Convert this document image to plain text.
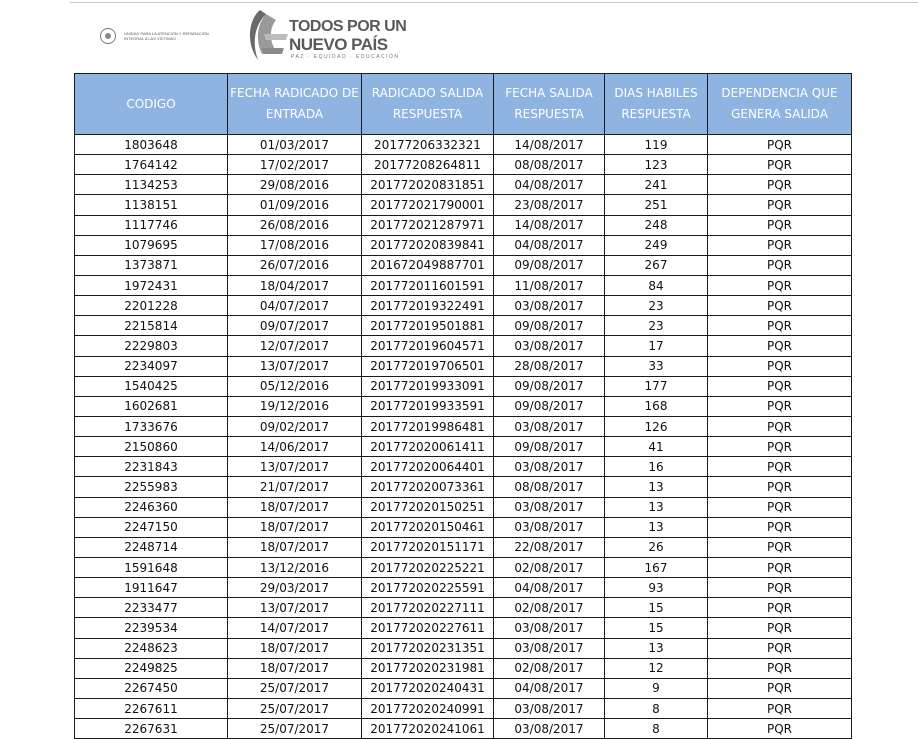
UNIDAD PARA LA ATENCIÓN Y REPARACIÓN INTEGRAL A LAS VÍCTIMAS
TODOS POR UN
NUEVO PAÍS
PAZ · EQUIDAD · EDUCACIÓN
CODIGO	FECHA RADICADO DE ENTRADA	RADICADO SALIDA RESPUESTA	FECHA SALIDA RESPUESTA	DIAS HABILES RESPUESTA	DEPENDENCIA QUE GENERA SALIDA
1803648	01/03/2017	20177206332321	14/08/2017	119	PQR
1764142	17/02/2017	20177208264811	08/08/2017	123	PQR
1134253	29/08/2016	201772020831851	04/08/2017	241	PQR
1138151	01/09/2016	201772021790001	23/08/2017	251	PQR
1117746	26/08/2016	201772021287971	14/08/2017	248	PQR
1079695	17/08/2016	201772020839841	04/08/2017	249	PQR
1373871	26/07/2016	201672049887701	09/08/2017	267	PQR
1972431	18/04/2017	201772011601591	11/08/2017	84	PQR
2201228	04/07/2017	201772019322491	03/08/2017	23	PQR
2215814	09/07/2017	201772019501881	09/08/2017	23	PQR
2229803	12/07/2017	201772019604571	03/08/2017	17	PQR
2234097	13/07/2017	201772019706501	28/08/2017	33	PQR
1540425	05/12/2016	201772019933091	09/08/2017	177	PQR
1602681	19/12/2016	201772019933591	09/08/2017	168	PQR
1733676	09/02/2017	201772019986481	03/08/2017	126	PQR
2150860	14/06/2017	201772020061411	09/08/2017	41	PQR
2231843	13/07/2017	201772020064401	03/08/2017	16	PQR
2255983	21/07/2017	201772020073361	08/08/2017	13	PQR
2246360	18/07/2017	201772020150251	03/08/2017	13	PQR
2247150	18/07/2017	201772020150461	03/08/2017	13	PQR
2248714	18/07/2017	201772020151171	22/08/2017	26	PQR
1591648	13/12/2016	201772020225221	02/08/2017	167	PQR
1911647	29/03/2017	201772020225591	04/08/2017	93	PQR
2233477	13/07/2017	201772020227111	02/08/2017	15	PQR
2239534	14/07/2017	201772020227611	03/08/2017	15	PQR
2248623	18/07/2017	201772020231351	03/08/2017	13	PQR
2249825	18/07/2017	201772020231981	02/08/2017	12	PQR
2267450	25/07/2017	201772020240431	04/08/2017	9	PQR
2267611	25/07/2017	201772020240991	03/08/2017	8	PQR
2267631	25/07/2017	201772020241061	03/08/2017	8	PQR
